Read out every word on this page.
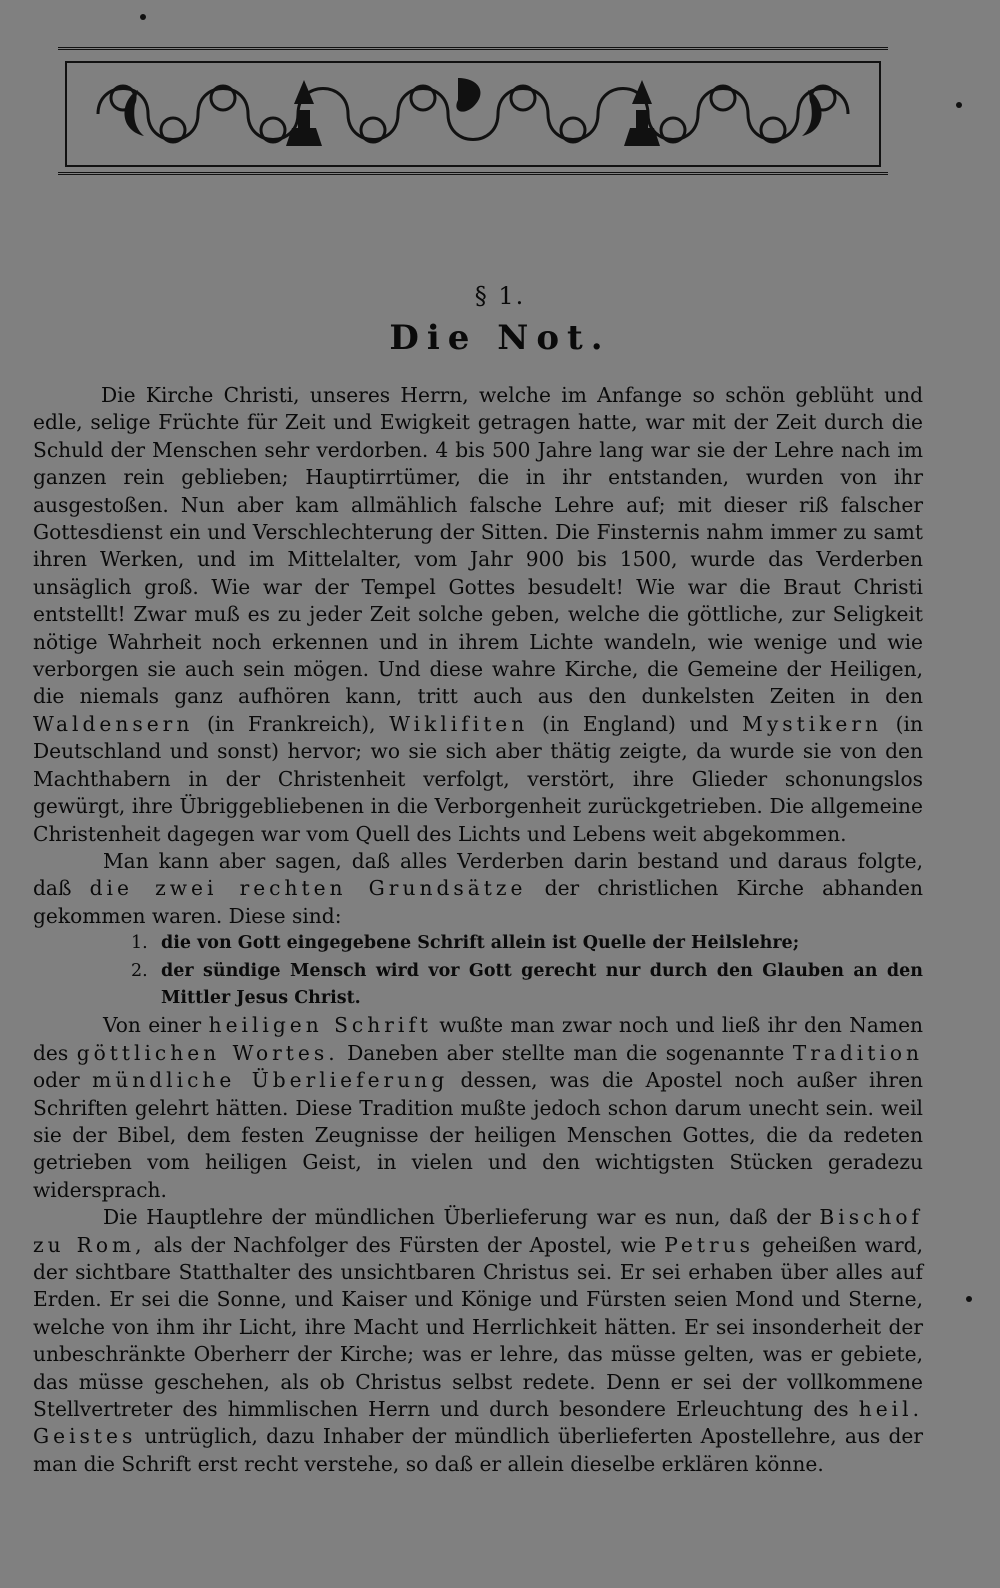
§ 1.
Die Not.

Die Kirche Christi, unseres Herrn, welche im Anfange so schön geblüht und edle, selige Früchte für Zeit und Ewigkeit getragen hatte, war mit der Zeit durch die Schuld der Menschen sehr verdorben. 4 bis 500 Jahre lang war sie der Lehre nach im ganzen rein geblieben; Hauptirrtümer, die in ihr entstanden, wurden von ihr ausgestoßen. Nun aber kam allmählich falsche Lehre auf; mit dieser riß falscher Gottesdienst ein und Verschlechterung der Sitten. Die Finsternis nahm immer zu samt ihren Werken, und im Mittelalter, vom Jahr 900 bis 1500, wurde das Verderben unsäglich groß. Wie war der Tempel Gottes besudelt! Wie war die Braut Christi entstellt! Zwar muß es zu jeder Zeit solche geben, welche die göttliche, zur Seligkeit nötige Wahrheit noch erkennen und in ihrem Lichte wandeln, wie wenige und wie verborgen sie auch sein mögen. Und diese wahre Kirche, die Gemeine der Heiligen, die niemals ganz aufhören kann, tritt auch aus den dunkelsten Zeiten in den Waldensern (in Frankreich), Wiklifiten (in England) und Mystikern (in Deutschland und sonst) hervor; wo sie sich aber thätig zeigte, da wurde sie von den Machthabern in der Christenheit verfolgt, verstört, ihre Glieder schonungslos gewürgt, ihre Übriggebliebenen in die Verborgenheit zurückgetrieben. Die allgemeine Christenheit dagegen war vom Quell des Lichts und Lebens weit abgekommen.

Man kann aber sagen, daß alles Verderben darin bestand und daraus folgte, daß die zwei rechten Grundsätze der christlichen Kirche abhanden gekommen waren. Diese sind:

1. die von Gott eingegebene Schrift allein ist Quelle der Heilslehre;
2. der sündige Mensch wird vor Gott gerecht nur durch den Glauben an den Mittler Jesus Christ.

Von einer heiligen Schrift wußte man zwar noch und ließ ihr den Namen des göttlichen Wortes. Daneben aber stellte man die sogenannte Tradition oder mündliche Überlieferung dessen, was die Apostel noch außer ihren Schriften gelehrt hätten. Diese Tradition mußte jedoch schon darum unecht sein. weil sie der Bibel, dem festen Zeugnisse der heiligen Menschen Gottes, die da redeten getrieben vom heiligen Geist, in vielen und den wichtigsten Stücken geradezu widersprach.

Die Hauptlehre der mündlichen Überlieferung war es nun, daß der Bischof zu Rom, als der Nachfolger des Fürsten der Apostel, wie Petrus geheißen ward, der sichtbare Statthalter des unsichtbaren Christus sei. Er sei erhaben über alles auf Erden. Er sei die Sonne, und Kaiser und Könige und Fürsten seien Mond und Sterne, welche von ihm ihr Licht, ihre Macht und Herrlichkeit hätten. Er sei insonderheit der unbeschränkte Oberherr der Kirche; was er lehre, das müsse gelten, was er gebiete, das müsse geschehen, als ob Christus selbst redete. Denn er sei der vollkommene Stellvertreter des himmlischen Herrn und durch besondere Erleuchtung des heil. Geistes untrüglich, dazu Inhaber der mündlich überlieferten Apostellehre, aus der man die Schrift erst recht verstehe, so daß er allein dieselbe erklären könne.
